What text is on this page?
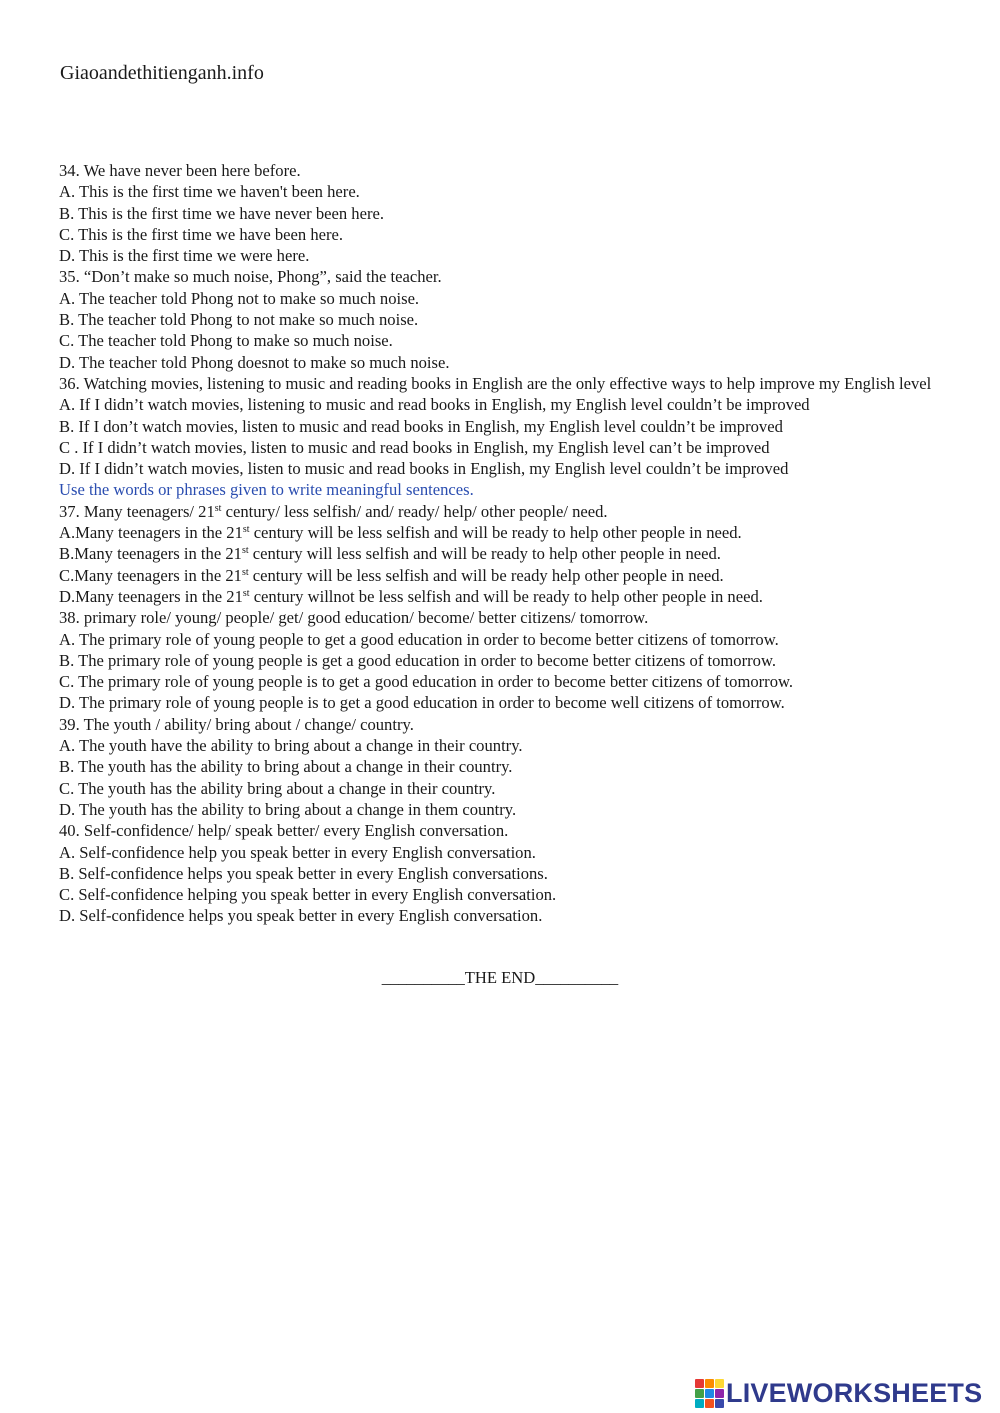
Giaoandethitienganh.info
34. We have never been here before.
A. This is the first time we haven't been here.
B. This is the first time we have never been here.
C. This is the first time we have been here.
D. This is the first time we were here.
35. “Don’t make so much noise, Phong”, said the teacher.
A. The teacher told Phong not to make so much noise.
B. The teacher told Phong to not make so much noise.
C. The teacher told Phong to make so much noise.
D. The teacher told Phong doesnot to make so much noise.
36. Watching movies, listening to music and reading books in English are the only effective ways to help improve my English level
A. If I didn’t watch movies, listening to music and read books in English, my English level couldn’t be improved
B. If I don’t watch movies, listen to music and read books in English, my English level couldn’t be improved
C . If I didn’t watch movies, listen to music and read books in English, my English level can’t be improved
D. If I didn’t watch movies, listen to music and read books in English, my English level couldn’t be improved
Use the words or phrases given to write meaningful sentences.
37. Many teenagers/ 21st century/ less selfish/ and/ ready/ help/ other people/ need.
A.Many teenagers in the 21st century will be less selfish and will be ready to help other people in need.
B.Many teenagers in the 21st century will less selfish and will be ready to help other people in need.
C.Many teenagers in the 21st century will be less selfish and will be ready help other people in need.
D.Many teenagers in the 21st century willnot be less selfish and will be ready to help other people in need.
38. primary role/ young/ people/ get/ good education/ become/ better citizens/ tomorrow.
A. The primary role of young people to get a good education in order to become better citizens of tomorrow.
B. The primary role of young people is get a good education in order to become better citizens of tomorrow.
C. The primary role of young people is to get a good education in order to become better citizens of tomorrow.
D. The primary role of young people is to get a good education in order to become well citizens of tomorrow.
39. The youth / ability/ bring about / change/ country.
A. The youth have the ability to bring about a change in their country.
B. The youth has the ability to bring about a change in their country.
C. The youth has the ability bring about a change in their country.
D. The youth has the ability to bring about a change in them country.
40. Self-confidence/ help/ speak better/ every English conversation.
A. Self-confidence help you speak better in every English conversation.
B. Self-confidence helps you speak better in every English conversations.
C. Self-confidence helping you speak better in every English conversation.
D. Self-confidence helps you speak better in every English conversation.
__________THE END__________
LIVEWORKSHEETS
